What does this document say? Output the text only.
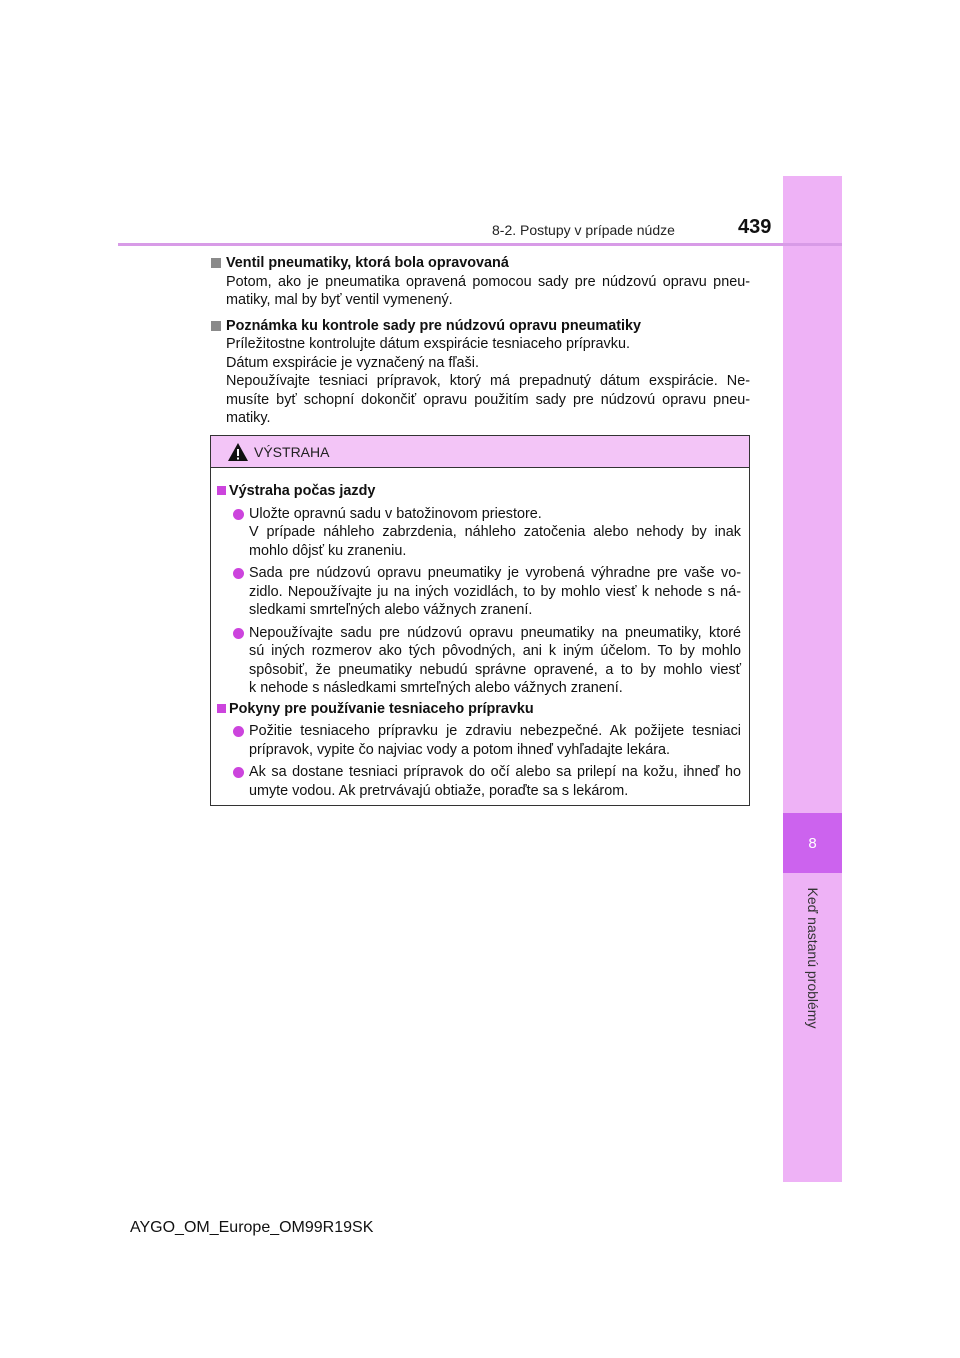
8
Keď nastanú problémy
8-2. Postupy v prípade núdze	439
Ventil pneumatiky, ktorá bola opravovaná
Potom, ako je pneumatika opravená pomocou sady pre núdzovú opravu pneu-
matiky, mal by byť ventil vymenený.
Poznámka ku kontrole sady pre núdzovú opravu pneumatiky
Príležitostne kontrolujte dátum exspirácie tesniaceho prípravku.
Dátum exspirácie je vyznačený na fľaši.
Nepoužívajte tesniaci prípravok, ktorý má prepadnutý dátum exspirácie. Ne-
musíte byť schopní dokončiť opravu použitím sady pre núdzovú opravu pneu-
matiky.
VÝSTRAHA
Výstraha počas jazdy
Uložte opravnú sadu v batožinovom priestore.
V prípade náhleho zabrzdenia, náhleho zatočenia alebo nehody by inak
mohlo dôjsť ku zraneniu.
Sada pre núdzovú opravu pneumatiky je vyrobená výhradne pre vaše vo-
zidlo. Nepoužívajte ju na iných vozidlách, to by mohlo viesť k nehode s ná-
sledkami smrteľných alebo vážnych zranení.
Nepoužívajte sadu pre núdzovú opravu pneumatiky na pneumatiky, ktoré
sú iných rozmerov ako tých pôvodných, ani k iným účelom. To by mohlo
spôsobiť, že pneumatiky nebudú správne opravené, a to by mohlo viesť
k nehode s následkami smrteľných alebo vážnych zranení.
Pokyny pre používanie tesniaceho prípravku
Požitie tesniaceho prípravku je zdraviu nebezpečné. Ak požijete tesniaci
prípravok, vypite čo najviac vody a potom ihneď vyhľadajte lekára.
Ak sa dostane tesniaci prípravok do očí alebo sa prilepí na kožu, ihneď ho
umyte vodou. Ak pretrvávajú obtiaže, poraďte sa s lekárom.
AYGO_OM_Europe_OM99R19SK
